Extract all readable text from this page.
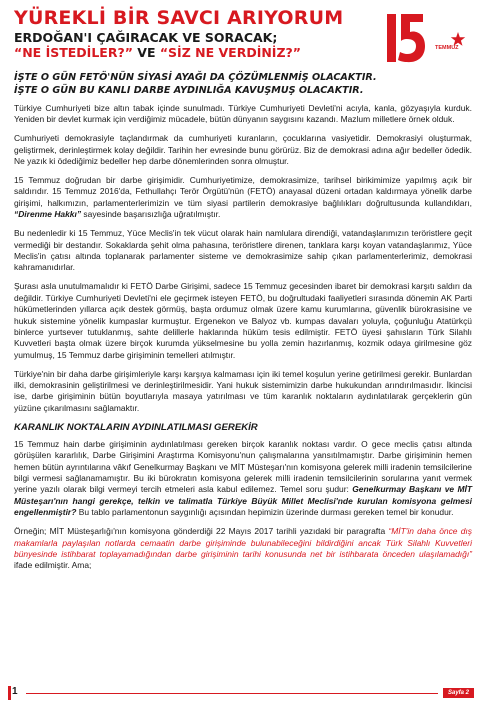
YÜREKLİ BİR SAVCI ARIYORUM
ERDOĞAN'I ÇAĞIRACAK VE SORACAK;
“NE İSTEDİLER?” VE “SİZ NE VERDİNİZ?”	TEMMUZ
İŞTE O GÜN FETÖ'NÜN SİYASİ AYAĞI DA ÇÖZÜMLENMİŞ OLACAKTIR.
İŞTE O GÜN BU KANLI DARBE AYDINLIĞA KAVUŞMUŞ OLACAKTIR.

Türkiye Cumhuriyeti bize altın tabak içinde sunulmadı. Türkiye Cumhuriyeti Devleti'ni acıyla, kanla, gözyaşıyla kurduk. Yeniden bir devlet kurmak için verdiğimiz mücadele, bütün dünyanın saygısını kazandı. Mazlum milletlere örnek olduk.

Cumhuriyeti demokrasiyle taçlandırmak da cumhuriyeti kuranların, çocuklarına vasiyetidir. Demokrasiyi oluşturmak, geliştirmek, derinleştirmek kolay değildir. Tarihin her evresinde bunu görürüz. Biz de demokrasi adına ağır bedeller ödedik. Ne yazık ki ödediğimiz bedeller hep darbe dönemlerinden sonra olmuştur.

15 Temmuz doğrudan bir darbe girişimidir. Cumhuriyetimize, demokrasimize, tarihsel birikimimize yapılmış açık bir saldırıdır. 15 Temmuz 2016'da, Fethullahçı Terör Örgütü'nün (FETÖ) anayasal düzeni ortadan kaldırmaya yönelik darbe girişimi, halkımızın, parlamenterlerimizin ve tüm siyasi partilerin demokrasiye bağlılıkları doğrultusunda kullandıkları, “Direnme Hakkı” sayesinde başarısızlığa uğratılmıştır.

Bu nedenledir ki 15 Temmuz, Yüce Meclis'in tek vücut olarak hain namlulara direndiği, vatandaşlarımızın teröristlere geçit vermediği bir destandır. Sokaklarda şehit olma pahasına, teröristlere direnen, tanklara karşı koyan vatandaşlarımız, Yüce Meclis'in çatısı altında toplanarak parlamenter sisteme ve demokrasimize sahip çıkan parlamenterlerimiz, demokrasi kahramanıdırlar.

Şurası asla unutulmamalıdır ki FETÖ Darbe Girişimi, sadece 15 Temmuz gecesinden ibaret bir demokrasi karşıtı saldırı da değildir. Türkiye Cumhuriyeti Devleti'ni ele geçirmek isteyen FETÖ, bu doğrultudaki faaliyetleri sırasında dönemin AK Parti hükümetlerinden yıllarca açık destek görmüş, başta ordumuz olmak üzere kamu kurumlarına, güvenlik bürokrasisine ve hukuk sistemine yönelik kumpaslar kurmuştur. Ergenekon ve Balyoz vb. kumpas davaları yoluyla, çoğunluğu Atatürkçü binlerce yurtsever tutuklanmış, sahte delillerle haklarında hüküm tesis edilmiştir. FETÖ üyesi şahısların Türk Silahlı Kuvvetleri başta olmak üzere birçok kurumda yükselmesine bu yolla zemin hazırlanmış, kozmik odaya girilmesine göz yumulmuş, 15 Temmuz darbe girişiminin temelleri atılmıştır.

Türkiye'nin bir daha darbe girişimleriyle karşı karşıya kalmaması için iki temel koşulun yerine getirilmesi gerekir. Bunlardan ilki, demokrasinin geliştirilmesi ve derinleştirilmesidir. Yani hukuk sistemimizin darbe hukukundan arındırılmasıdır. İkincisi ise, darbe girişiminin bütün boyutlarıyla masaya yatırılması ve tüm karanlık noktaların aydınlatılarak gerçeklerin gün yüzüne çıkarılmasını sağlamaktır.

KARANLIK NOKTALARIN AYDINLATILMASI GEREKİR

15 Temmuz hain darbe girişiminin aydınlatılması gereken birçok karanlık noktası vardır. O gece meclis çatısı altında görüşülen kararlılık, Darbe Girişimini Araştırma Komisyonu'nun çalışmalarına yansıtılmamıştır. Darbe girişiminin hemen hemen bütün ayrıntılarına vâkıf Genelkurmay Başkanı ve MİT Müsteşarı'nın komisyona gelerek milli iradenin temsilcilerine bilgi vermesi sağlanamamıştır. Bu iki bürokratın komisyona gelerek milli iradenin temsilcilerinin sorularına yanıt vermek yerine yazılı olarak bilgi vermeyi tercih etmeleri asla kabul edilemez. Temel soru şudur: Genelkurmay Başkanı ve MİT Müsteşarı'nın hangi gerekçe, telkin ve talimatla Türkiye Büyük Millet Meclisi'nde kurulan komisyona gelmesi engellenmiştir? Bu tablo parlamentonun saygınlığı açısından hepimizin üzerinde durması gereken temel bir konudur.

Örneğin; MİT Müsteşarlığı'nın komisyona gönderdiği 22 Mayıs 2017 tarihli yazıdaki bir paragrafta “MİT'in daha önce dış makamlarla paylaşılan notlarda cemaatin darbe girişiminde bulunabileceğini bildirdiğini ancak Türk Silahlı Kuvvetleri bünyesinde istihbarat toplayamadığından darbe girişiminin tarihi konusunda net bir istihbarata önceden ulaşılamadığı” ifade edilmiştir. Ama;

1	Sayfa 2
